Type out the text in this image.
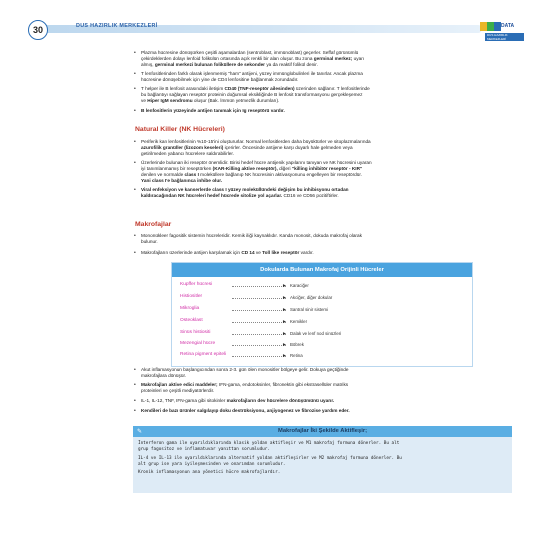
30	DUS HAZIRLIK MERKEZLERİ	DATA
DUS HAZIRLIK MERKEZLERİ
• Plazma hücresine dönüşürken çeşitli aşamalardan (sentroblast, immünoblast) geçerler. Seffaf görünümlü
çekirdeklerden dolayı lenfoid folikülün ortasında açık renkli bir alan oluşur. Bu zona germinal merkez; uyarı
almış, germinal merkezi bulunan foliküllere de sekonder ya da reaktif folikül denir.
• T lenfositlerinden farklı olarak işlenmemiş "ham" antijeni, yüzey immünglobulinleri ile tanırlar. Ancak plazma
hücresine dönüşebilmek için yine de CD4 lenfositine bağlanmak zorundadır.
• T helper ile B lenfosit arasındaki iletişim CD40 (TNF-reseptör ailesinden) üzerinden sağlanır. T lenfositlerinde
bu bağlantıyı sağlayan reseptör proteinin doğumsal eksikliğinde B lenfosit transformasyonu gerçekleşemez
ve Hiper IgM sendromu oluşur (Bak. İmmün yetmezlik durumları).
• B lenfositlerin yüzeyinde antijen tanımak için Ig reseptörü vardır.
Natural Killer (NK Hücreleri)
• Periferik kan lenfositlerinin %10-15'ini oluştururlar. Normal lenfositlerden daha büyüktürler ve sitoplazmalarında
azurofilik granüller (lizozom keseleri) içerirler. Öncesinde antijene karşı duyarlı hale gelmeden veya
getirilmeden yabancı hücrelere saldırabilirler.
• Üzerlerinde bulunan iki reseptör önemlidir. Birisi hedef hücre antijenik yapılarını tanıyan ve NK hücresini uyaran
iyi tanımlanmamış bir reseptörken (KAR-Killing aktive reseptör), diğeri "killing inhibitör reseptör - KIR"
denilen ve normalde class I moleküllere bağlanıp NK hücresinin aktivasyonunu engelleyen bir reseptördür.
Yani class I'e bağlanınca inhibe olur.
• Viral enfeksiyon ve kanserlerde class I yüzey moleküllündeki değişim bu inhibisyonu ortadan
kaldıracağından NK hücreleri hedef hücrede sitolize yol açarlar. CD16 ve CD56 pozitiftirler.
Makrofajlar
• Mononükleer fagositik sistemin hücreleridir. Kemik iliği kaynaklıdır. Kanda monosit, dokuda makrofaj olarak
bulunur.
• Makrofajların üzerlerinde antijen karşılamak için CD 14 ve Toll like reseptör vardır.
Dokularda Bulunan Makrofaj Orijinli Hücreler
Kupffer hücresi	► Karaciğer
Histiositler	► Akciğer, diğer dokular
Mikroglia	► Santral sinir sistemi
Osteoklast	► Kemikler
Sinüs histiositi	► Dalak ve lenf nod sinüzleri
Mezengial hücre	► Böbrek
Retina pigment epiteli	► Retina
• Akut inflamasyonun başlangıcından sonra 2-3. gün ölen monositler bölgeye gelir. Dokuya geçtiğinde
makrofajlara dönüşür.
• Makrofajları aktive edici maddeler; IFN-gama, endotoksinler, fibronektin gibi ekstrasellüler matriks
proteinleri ve çeşitli mediyatörlerdir.
• IL-1, IL-12, TNF, IFN-gama gibi sitokinler makrofajların dev hücrelere dönüşümünü uyarır.
• Kendileri de bazı ürünler salgılayıp doku destrüksiyonu, anjiyogenez ve fibrozise yardım eder.
✎	Makrofajlar İki Şekilde Aktifleşir;
İnterferon gama ile uyarıldıklarında klasik yoldan aktifleşir ve M1 makrofaj formuna dönerler. Bu alt
grup fagositoz ve inflamatuvar yanıttan sorumludur.
IL-4 ve IL-13 ile uyarıldıklarında alternatif yoldan aktifleşirler ve M2 makrofaj formuna dönerler. Bu
alt grup ise yara iyileşmesinden ve onarımdan sorumludur.
Kronik inflamasyonun ana yönetici hücre makrofajlardır.
